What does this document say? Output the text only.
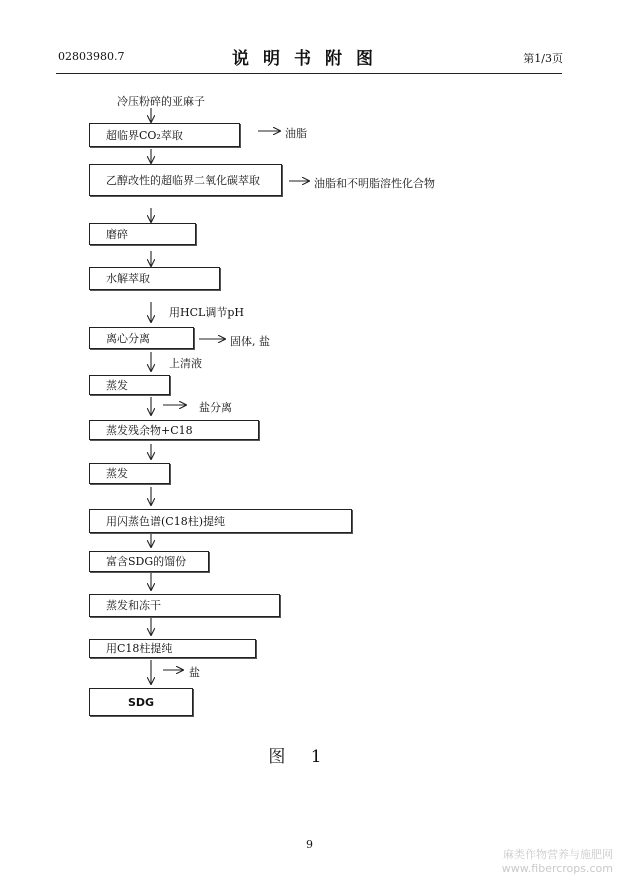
02803980.7	说明书附图	第1/3页
冷压粉碎的亚麻子
超临界CO₂萃取	油脂
乙醇改性的超临界二氧化碳萃取	油脂和不明脂溶性化合物
磨碎
水解萃取
用HCL调节pH
离心分离	固体, 盐
上清液
蒸发
盐分离
蒸发残余物+C18
蒸发
用闪蒸色谱(C18柱)提纯
富含SDG的馏份
蒸发和冻干
用C18柱提纯
盐
SDG
图 1
9
麻类作物营养与施肥网
www.fibercrops.com
